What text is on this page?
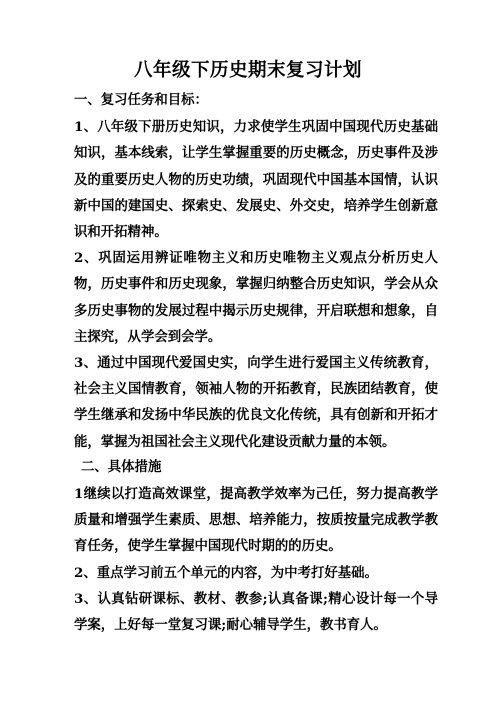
八年级下历史期末复习计划

一、复习任务和目标：

1、八年级下册历史知识，力求使学生巩固中国现代历史基础知识，基本线索，让学生掌握重要的历史概念，历史事件及涉及的重要历史人物的历史功绩，巩固现代中国基本国情，认识新中国的建国史、探索史、发展史、外交史，培养学生创新意识和开拓精神。

2、巩固运用辨证唯物主义和历史唯物主义观点分析历史人物，历史事件和历史现象，掌握归纳整合历史知识，学会从众多历史事物的发展过程中揭示历史规律，开启联想和想象，自主探究，从学会到会学。

3、通过中国现代爱国史实，向学生进行爱国主义传统教育，社会主义国情教育，领袖人物的开拓教育，民族团结教育，使学生继承和发扬中华民族的优良文化传统，具有创新和开拓才能，掌握为祖国社会主义现代化建设贡献力量的本领。

二、具体措施

1继续以打造高效课堂，提高教学效率为己任，努力提高教学质量和增强学生素质、思想、培养能力，按质按量完成教学教育任务，使学生掌握中国现代时期的的历史。

2、重点学习前五个单元的内容，为中考打好基础。

3、认真钻研课标、教材、教参;认真备课;精心设计每一个导学案，上好每一堂复习课;耐心辅导学生，教书育人。
